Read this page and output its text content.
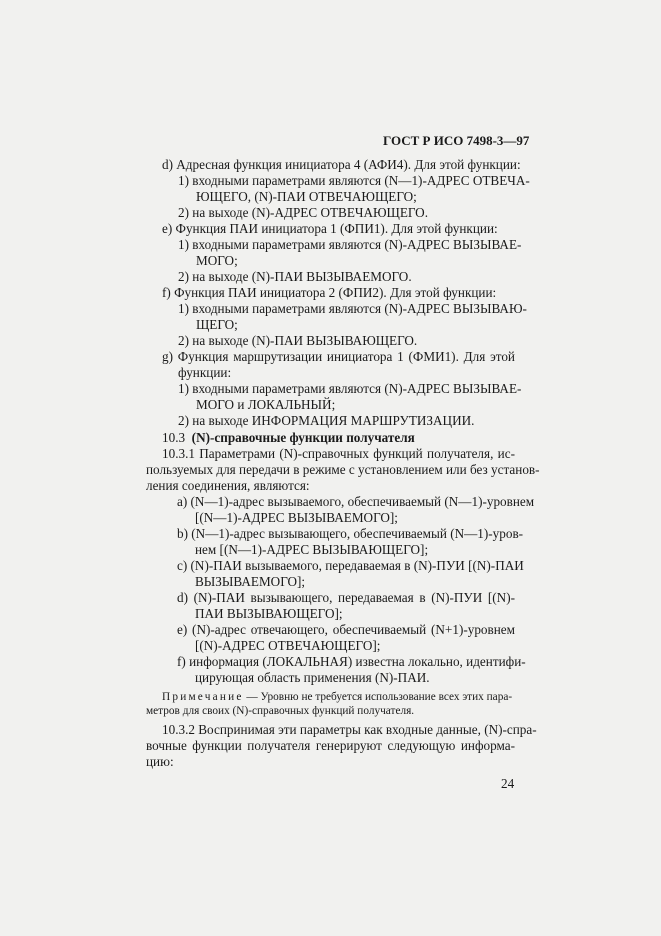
ГОСТ Р ИСО 7498-3—97
d) Адресная функция инициатора 4 (АФИ4). Для этой функции:
1) входными параметрами являются (N—1)-АДРЕС ОТВЕЧА-
ЮЩЕГО, (N)-ПАИ ОТВЕЧАЮЩЕГО;
2) на выходе (N)-АДРЕС ОТВЕЧАЮЩЕГО.
e) Функция ПАИ инициатора 1 (ФПИ1). Для этой функции:
1) входными параметрами являются (N)-АДРЕС ВЫЗЫВАЕ-
МОГО;
2) на выходе (N)-ПАИ ВЫЗЫВАЕМОГО.
f) Функция ПАИ инициатора 2 (ФПИ2). Для этой функции:
1) входными параметрами являются (N)-АДРЕС ВЫЗЫВАЮ-
ЩЕГО;
2) на выходе (N)-ПАИ ВЫЗЫВАЮЩЕГО.
g) Функция маршрутизации инициатора 1 (ФМИ1). Для этой
функции:
1) входными параметрами являются (N)-АДРЕС ВЫЗЫВАЕ-
МОГО и ЛОКАЛЬНЫЙ;
2) на выходе ИНФОРМАЦИЯ МАРШРУТИЗАЦИИ.
10.3 (N)-справочные функции получателя
10.3.1 Параметрами (N)-справочных функций получателя, ис-
пользуемых для передачи в режиме с установлением или без установ-
ления соединения, являются:
a) (N—1)-адрес вызываемого, обеспечиваемый (N—1)-уровнем
[(N—1)-АДРЕС ВЫЗЫВАЕМОГО];
b) (N—1)-адрес вызывающего, обеспечиваемый (N—1)-уров-
нем [(N—1)-АДРЕС ВЫЗЫВАЮЩЕГО];
c) (N)-ПАИ вызываемого, передаваемая в (N)-ПУИ [(N)-ПАИ
ВЫЗЫВАЕМОГО];
d) (N)-ПАИ вызывающего, передаваемая в (N)-ПУИ [(N)-
ПАИ ВЫЗЫВАЮЩЕГО];
e) (N)-адрес отвечающего, обеспечиваемый (N+1)-уровнем
[(N)-АДРЕС ОТВЕЧАЮЩЕГО];
f) информация (ЛОКАЛЬНАЯ) известна локально, идентифи-
цирующая область применения (N)-ПАИ.
Примечание — Уровню не требуется использование всех этих пара-
метров для своих (N)-справочных функций получателя.
10.3.2 Воспринимая эти параметры как входные данные, (N)-спра-
вочные функции получателя генерируют следующую информа-
цию:
24
